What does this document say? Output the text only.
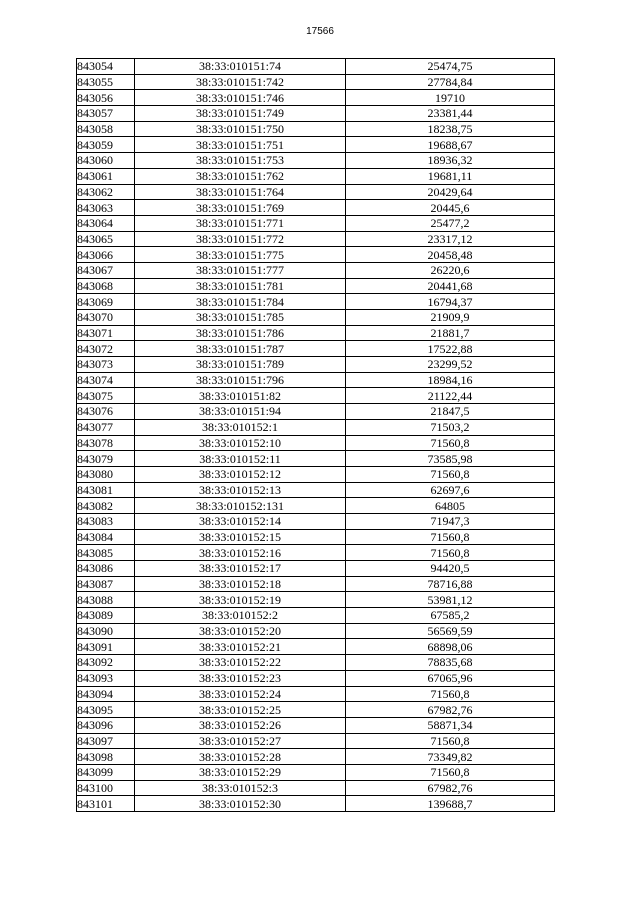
17566
843054	38:33:010151:74	25474,75
843055	38:33:010151:742	27784,84
843056	38:33:010151:746	19710
843057	38:33:010151:749	23381,44
843058	38:33:010151:750	18238,75
843059	38:33:010151:751	19688,67
843060	38:33:010151:753	18936,32
843061	38:33:010151:762	19681,11
843062	38:33:010151:764	20429,64
843063	38:33:010151:769	20445,6
843064	38:33:010151:771	25477,2
843065	38:33:010151:772	23317,12
843066	38:33:010151:775	20458,48
843067	38:33:010151:777	26220,6
843068	38:33:010151:781	20441,68
843069	38:33:010151:784	16794,37
843070	38:33:010151:785	21909,9
843071	38:33:010151:786	21881,7
843072	38:33:010151:787	17522,88
843073	38:33:010151:789	23299,52
843074	38:33:010151:796	18984,16
843075	38:33:010151:82	21122,44
843076	38:33:010151:94	21847,5
843077	38:33:010152:1	71503,2
843078	38:33:010152:10	71560,8
843079	38:33:010152:11	73585,98
843080	38:33:010152:12	71560,8
843081	38:33:010152:13	62697,6
843082	38:33:010152:131	64805
843083	38:33:010152:14	71947,3
843084	38:33:010152:15	71560,8
843085	38:33:010152:16	71560,8
843086	38:33:010152:17	94420,5
843087	38:33:010152:18	78716,88
843088	38:33:010152:19	53981,12
843089	38:33:010152:2	67585,2
843090	38:33:010152:20	56569,59
843091	38:33:010152:21	68898,06
843092	38:33:010152:22	78835,68
843093	38:33:010152:23	67065,96
843094	38:33:010152:24	71560,8
843095	38:33:010152:25	67982,76
843096	38:33:010152:26	58871,34
843097	38:33:010152:27	71560,8
843098	38:33:010152:28	73349,82
843099	38:33:010152:29	71560,8
843100	38:33:010152:3	67982,76
843101	38:33:010152:30	139688,7
